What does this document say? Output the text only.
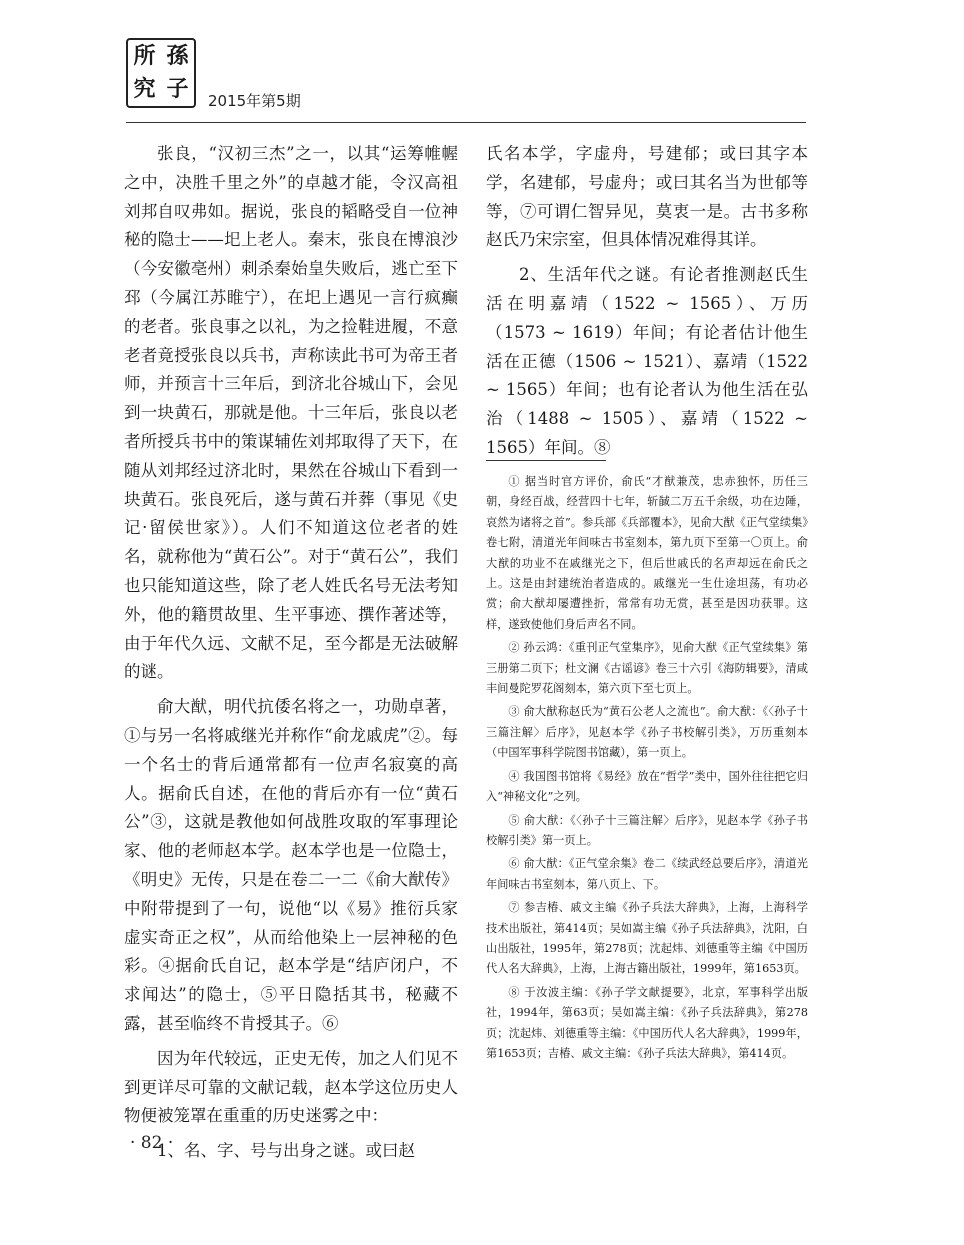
所 孫
究 子	2015年第5期

张良，“汉初三杰”之一，以其“运筹帷幄之中，决胜千里之外”的卓越才能，令汉高祖刘邦自叹弗如。据说，张良的韬略受自一位神秘的隐士——圯上老人。秦末，张良在博浪沙（今安徽亳州）刺杀秦始皇失败后，逃亡至下邳（今属江苏睢宁），在圯上遇见一言行疯癫的老者。张良事之以礼，为之捡鞋进履，不意老者竟授张良以兵书，声称读此书可为帝王者师，并预言十三年后，到济北谷城山下，会见到一块黄石，那就是他。十三年后，张良以老者所授兵书中的策谋辅佐刘邦取得了天下，在随从刘邦经过济北时，果然在谷城山下看到一块黄石。张良死后，遂与黄石并葬（事见《史记·留侯世家》）。人们不知道这位老者的姓名，就称他为“黄石公”。对于“黄石公”，我们也只能知道这些，除了老人姓氏名号无法考知外，他的籍贯故里、生平事迹、撰作著述等，由于年代久远、文献不足，至今都是无法破解的谜。

俞大猷，明代抗倭名将之一，功勋卓著，①与另一名将戚继光并称作“俞龙戚虎”②。每一个名士的背后通常都有一位声名寂寞的高人。据俞氏自述，在他的背后亦有一位“黄石公”③，这就是教他如何战胜攻取的军事理论家、他的老师赵本学。赵本学也是一位隐士，《明史》无传，只是在卷二一二《俞大猷传》中附带提到了一句，说他“以《易》推衍兵家虚实奇正之权”，从而给他染上一层神秘的色彩。④据俞氏自记，赵本学是“结庐闭户，不求闻达”的隐士，⑤平日隐括其书，秘藏不露，甚至临终不肯授其子。⑥

因为年代较远，正史无传，加之人们见不到更详尽可靠的文献记载，赵本学这位历史人物便被笼罩在重重的历史迷雾之中：

1、名、字、号与出身之谜。或曰赵

氏名本学，字虚舟，号建郁；或曰其字本学，名建郁，号虚舟；或曰其名当为世郁等等，⑦可谓仁智异见，莫衷一是。古书多称赵氏乃宋宗室，但具体情况难得其详。

2、生活年代之谜。有论者推测赵氏生活在明嘉靖（1522 ~ 1565）、万历（1573 ~ 1619）年间；有论者估计他生活在正德（1506 ~ 1521）、嘉靖（1522 ~ 1565）年间；也有论者认为他生活在弘治（1488 ~ 1505）、嘉靖（1522 ~ 1565）年间。⑧

① 据当时官方评价，俞氏“才猷兼茂，忠赤独怀，历任三朝，身经百战，经营四十七年，斩馘二万五千余级，功在边陲，哀然为诸将之首”。参兵部《兵部覆本》，见俞大猷《正气堂续集》卷七附，清道光年间味古书室刻本，第九页下至第一〇页上。俞大猷的功业不在戚继光之下，但后世戚氏的名声却远在俞氏之上。这是由封建统治者造成的。戚继光一生仕途坦荡，有功必赏；俞大猷却屡遭挫折，常常有功无赏，甚至是因功获罪。这样，遂致使他们身后声名不同。

② 孙云鸿：《重刊正气堂集序》，见俞大猷《正气堂续集》第三册第二页下；杜文澜《古谣谚》卷三十六引《海防辑要》，清咸丰间曼陀罗花阁刻本，第六页下至七页上。

③ 俞大猷称赵氏为“黄石公老人之流也”。俞大猷：《〈孙子十三篇注解〉后序》，见赵本学《孙子书校解引类》，万历重刻本（中国军事科学院图书馆藏），第一页上。

④ 我国图书馆将《易经》放在“哲学”类中，国外往往把它归入“神秘文化”之列。

⑤ 俞大猷：《〈孙子十三篇注解〉后序》，见赵本学《孙子书校解引类》第一页上。

⑥ 俞大猷：《正气堂余集》卷二《续武经总要后序》，清道光年间味古书室刻本，第八页上、下。

⑦ 参吉椿、戚文主编《孙子兵法大辞典》，上海，上海科学技术出版社，第414页；吴如嵩主编《孙子兵法辞典》，沈阳，白山出版社，1995年，第278页；沈起炜、刘德重等主编《中国历代人名大辞典》，上海，上海古籍出版社，1999年，第1653页。

⑧ 于汝波主编：《孙子学文献提要》，北京，军事科学出版社，1994年，第63页；吴如嵩主编：《孙子兵法辞典》，第278页；沈起炜、刘德重等主编：《中国历代人名大辞典》，1999年，第1653页；吉椿、戚文主编：《孙子兵法大辞典》，第414页。

· 82 ·
